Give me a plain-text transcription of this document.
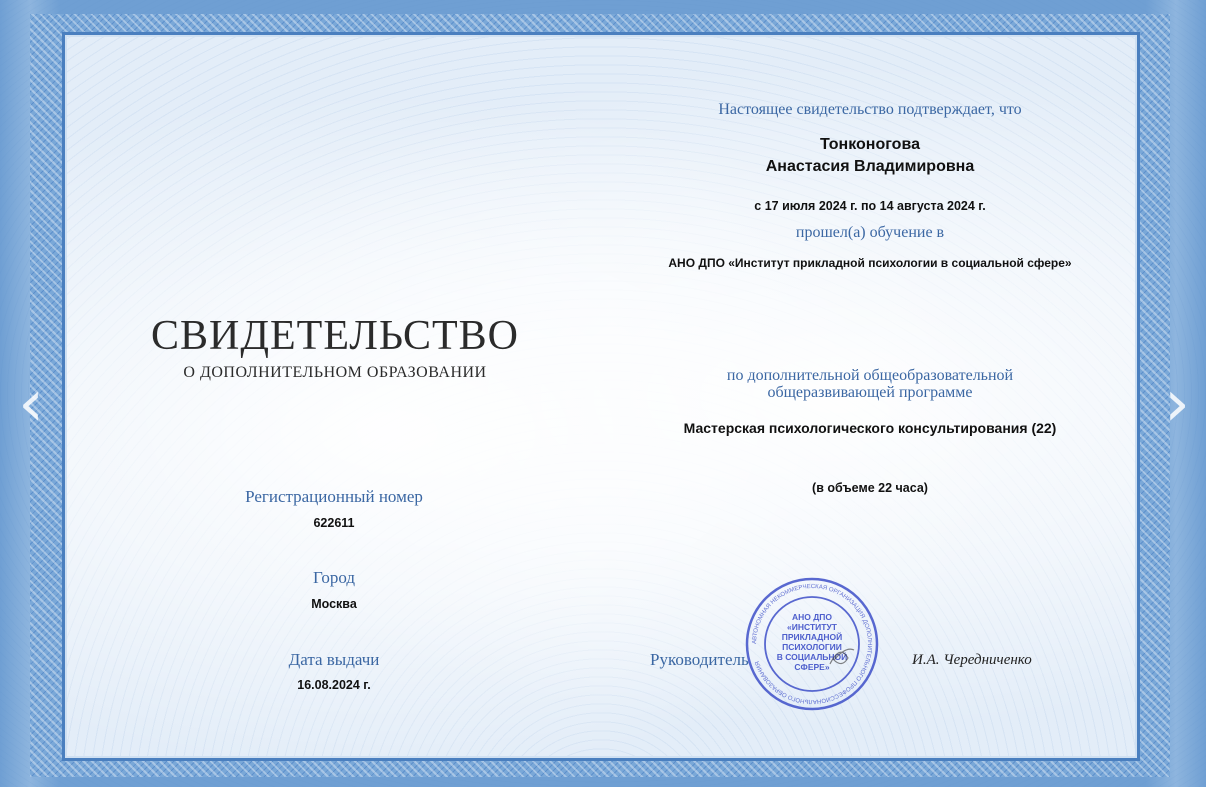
СВИДЕТЕЛЬСТВО
О ДОПОЛНИТЕЛЬНОМ ОБРАЗОВАНИИ
Регистрационный номер
622611
Город
Москва
Дата выдачи
16.08.2024 г.
Настоящее свидетельство подтверждает, что
Тонконогова
Анастасия Владимировна
с 17 июля 2024 г. по 14 августа 2024 г.
прошел(а) обучение в
АНО ДПО «Институт прикладной психологии в социальной сфере»
по дополнительной общеобразовательной
общеразвивающей программе
Мастерская психологического консультирования (22)
(в объеме 22 часа)
Руководитель
АВТОНОМНАЯ НЕКОММЕРЧЕСКАЯ ОРГАНИЗАЦИЯ ДОПОЛНИТЕЛЬНОГО ПРОФЕССИОНАЛЬНОГО ОБРАЗОВАНИЯ
АНО ДПО
«ИНСТИТУТ
ПРИКЛАДНОЙ
ПСИХОЛОГИИ
В СОЦИАЛЬНОЙ
СФЕРЕ»	И.А. Чередниченко
‹	›
